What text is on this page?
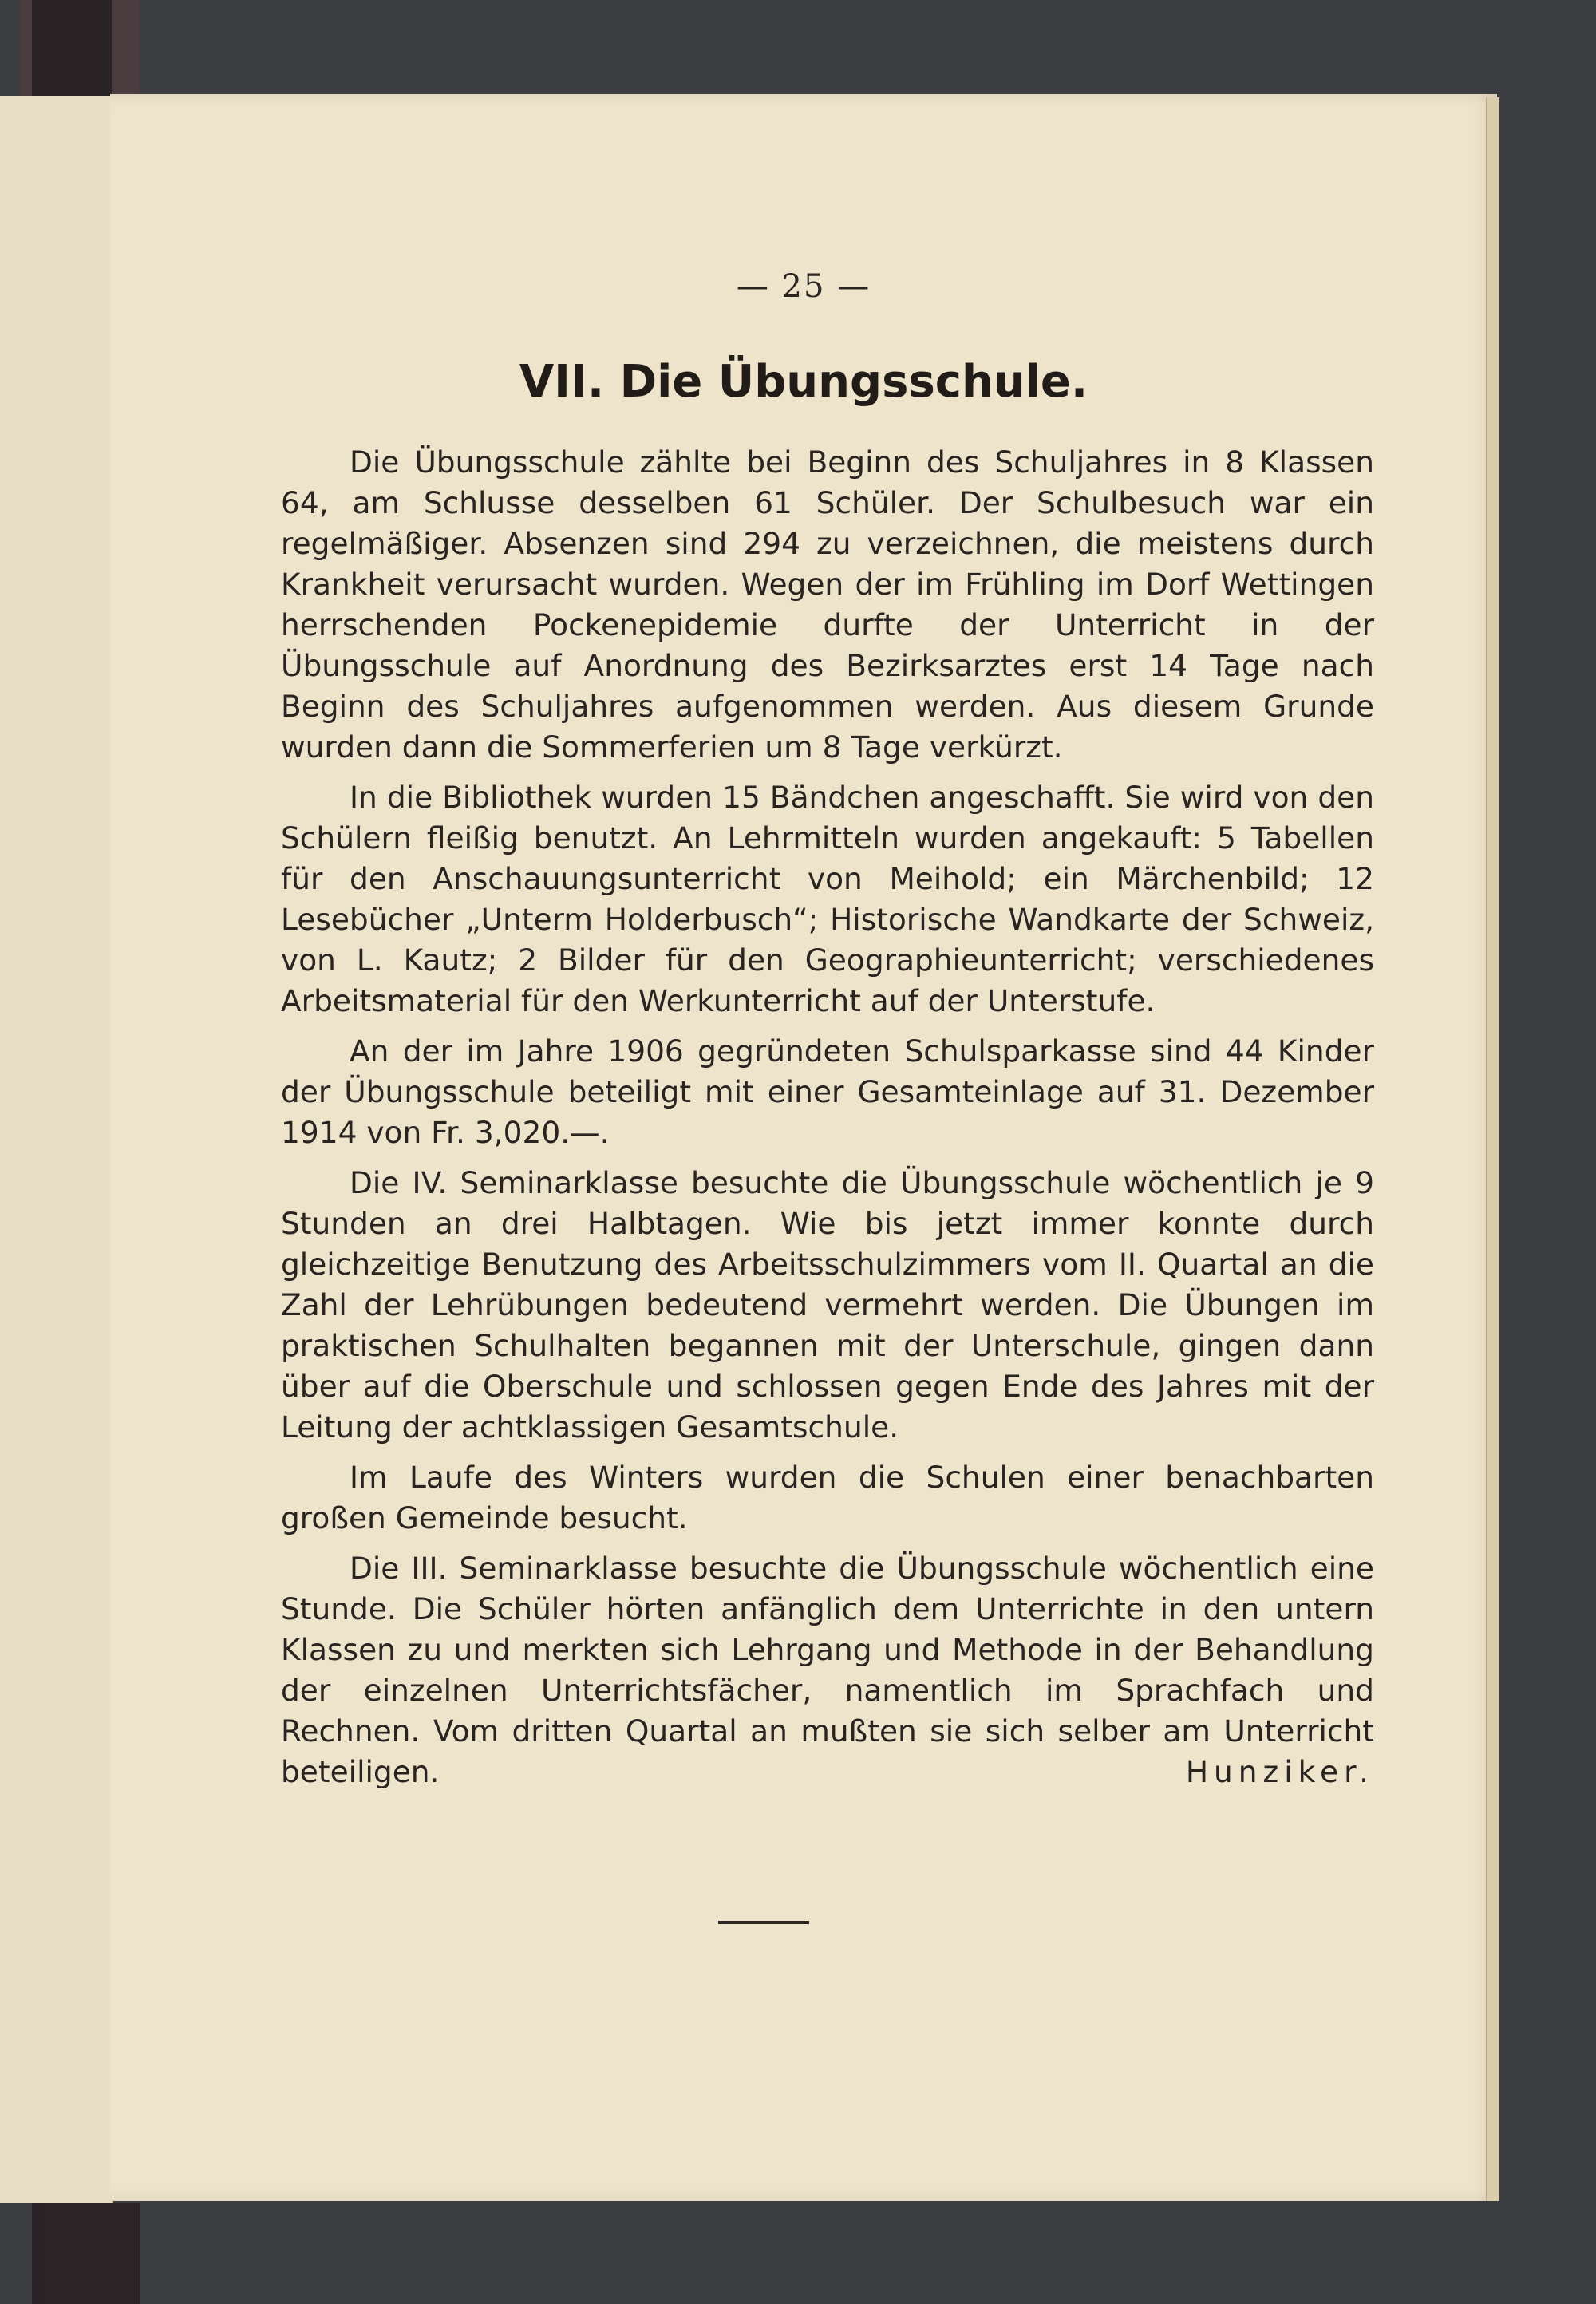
— 25 —
VII. Die Übungsschule.

Die Übungsschule zählte bei Beginn des Schuljahres in 8 Klassen 64, am Schlusse desselben 61 Schüler. Der Schulbesuch war ein regelmäßiger. Absenzen sind 294 zu verzeichnen, die meistens durch Krankheit verursacht wurden. Wegen der im Frühling im Dorf Wettingen herrschenden Pockenepidemie durfte der Unterricht in der Übungsschule auf Anordnung des Bezirksarztes erst 14 Tage nach Beginn des Schuljahres aufgenommen werden. Aus diesem Grunde wurden dann die Sommerferien um 8 Tage verkürzt.

In die Bibliothek wurden 15 Bändchen angeschafft. Sie wird von den Schülern fleißig benutzt. An Lehrmitteln wurden angekauft: 5 Tabellen für den Anschauungsunterricht von Meihold; ein Märchenbild; 12 Lesebücher „Unterm Holderbusch“; Historische Wandkarte der Schweiz, von L. Kautz; 2 Bilder für den Geographieunterricht; verschiedenes Arbeitsmaterial für den Werkunterricht auf der Unterstufe.

An der im Jahre 1906 gegründeten Schulsparkasse sind 44 Kinder der Übungsschule beteiligt mit einer Gesamteinlage auf 31. Dezember 1914 von Fr. 3,020.—.

Die IV. Seminarklasse besuchte die Übungsschule wöchentlich je 9 Stunden an drei Halbtagen. Wie bis jetzt immer konnte durch gleichzeitige Benutzung des Arbeitsschulzimmers vom II. Quartal an die Zahl der Lehrübungen bedeutend vermehrt werden. Die Übungen im praktischen Schulhalten begannen mit der Unterschule, gingen dann über auf die Oberschule und schlossen gegen Ende des Jahres mit der Leitung der achtklassigen Gesamtschule.

Im Laufe des Winters wurden die Schulen einer benachbarten großen Gemeinde besucht.

Die III. Seminarklasse besuchte die Übungsschule wöchentlich eine Stunde. Die Schüler hörten anfänglich dem Unterrichte in den untern Klassen zu und merkten sich Lehrgang und Methode in der Behandlung der einzelnen Unterrichtsfächer, namentlich im Sprachfach und Rechnen. Vom dritten Quartal an mußten sie sich selber am Unterricht beteiligen.	Hunziker.
